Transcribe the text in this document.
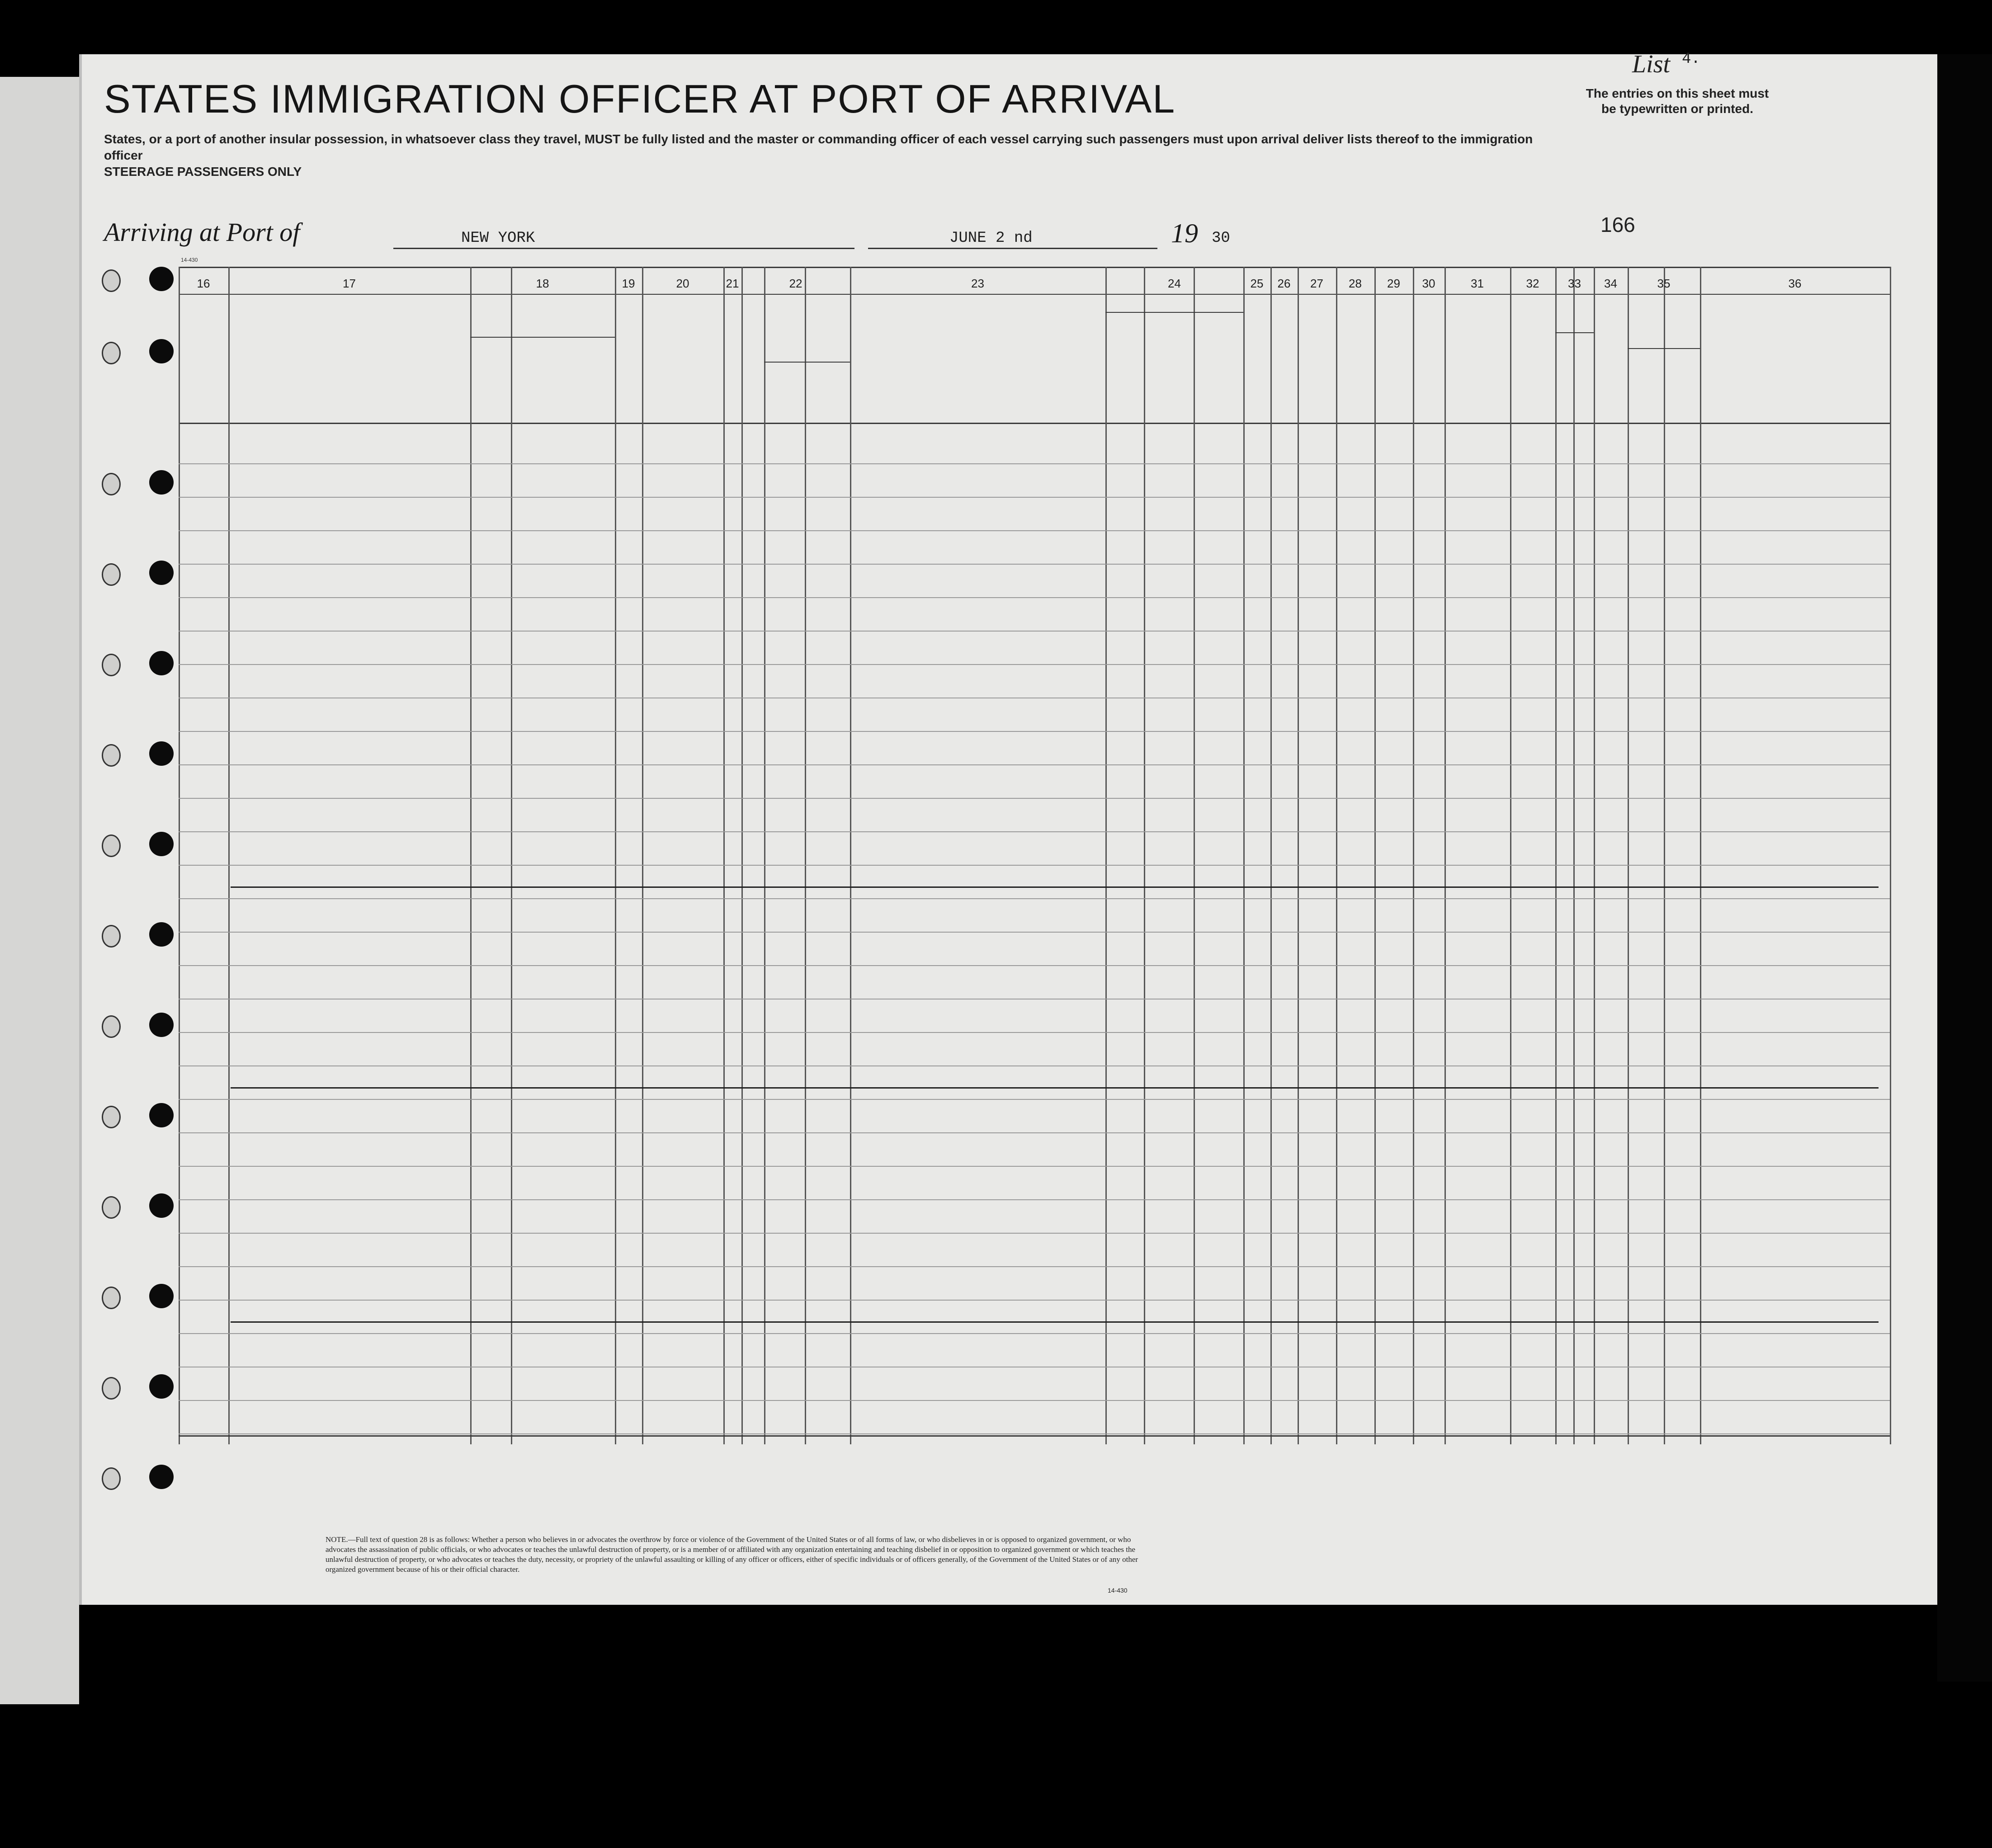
16	17	18	19	20	21	22	23	24	25	26	27	28	29	30	31	32	33	34	35	36
STATES IMMIGRATION OFFICER AT PORT OF ARRIVAL
List 4.
The entries on this sheet must be typewritten or printed.
States, or a port of another insular possession, in whatsoever class they travel, MUST be fully listed and the master or commanding officer of each vessel carrying such passengers must upon arrival deliver lists thereof to the immigration officer
STEERAGE PASSENGERS ONLY
Arriving at Port of	NEW YORK	JUNE 2 nd	19 30
166
14-430
NOTE.—Full text of question 28 is as follows: Whether a person who believes in or advocates the overthrow by force or violence of the Government of the United States or of all forms of law, or who disbelieves in or is opposed to organized government, or who advocates the assassination of public officials, or who advocates or teaches the unlawful destruction of property, or is a member of or affiliated with any organization entertaining and teaching disbelief in or opposition to organized government or which teaches the unlawful destruction of property, or who advocates or teaches the duty, necessity, or propriety of the unlawful assaulting or killing of any officer or officers, either of specific individuals or of officers generally, of the Government of the United States or of any other organized government because of his or their official character.
14-430
